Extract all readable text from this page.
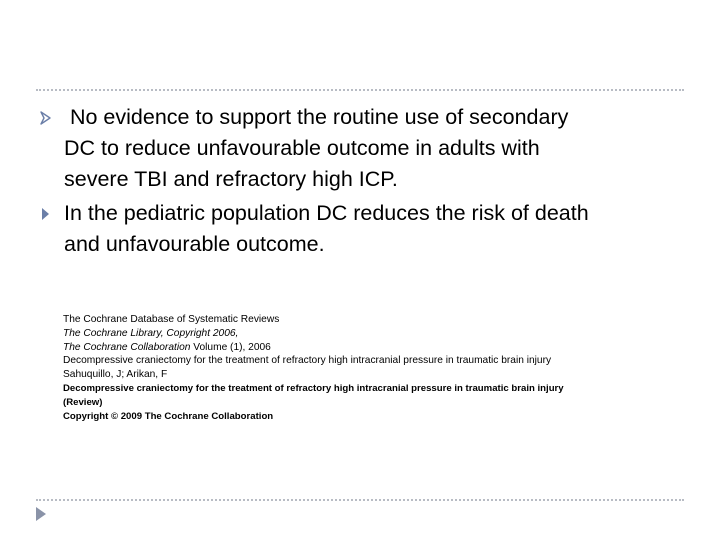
No evidence to support the routine use of secondary
DC to reduce unfavourable outcome in adults with
severe TBI and refractory high ICP.
In the pediatric population DC reduces the risk of death
and unfavourable outcome.
The Cochrane Database of Systematic Reviews
The Cochrane Library, Copyright 2006,
The Cochrane Collaboration Volume (1), 2006
Decompressive craniectomy for the treatment of refractory high intracranial pressure in traumatic brain injury
Sahuquillo, J; Arikan, F
Decompressive craniectomy for the treatment of refractory high intracranial pressure in traumatic brain injury
(Review)
Copyright © 2009 The Cochrane Collaboration
